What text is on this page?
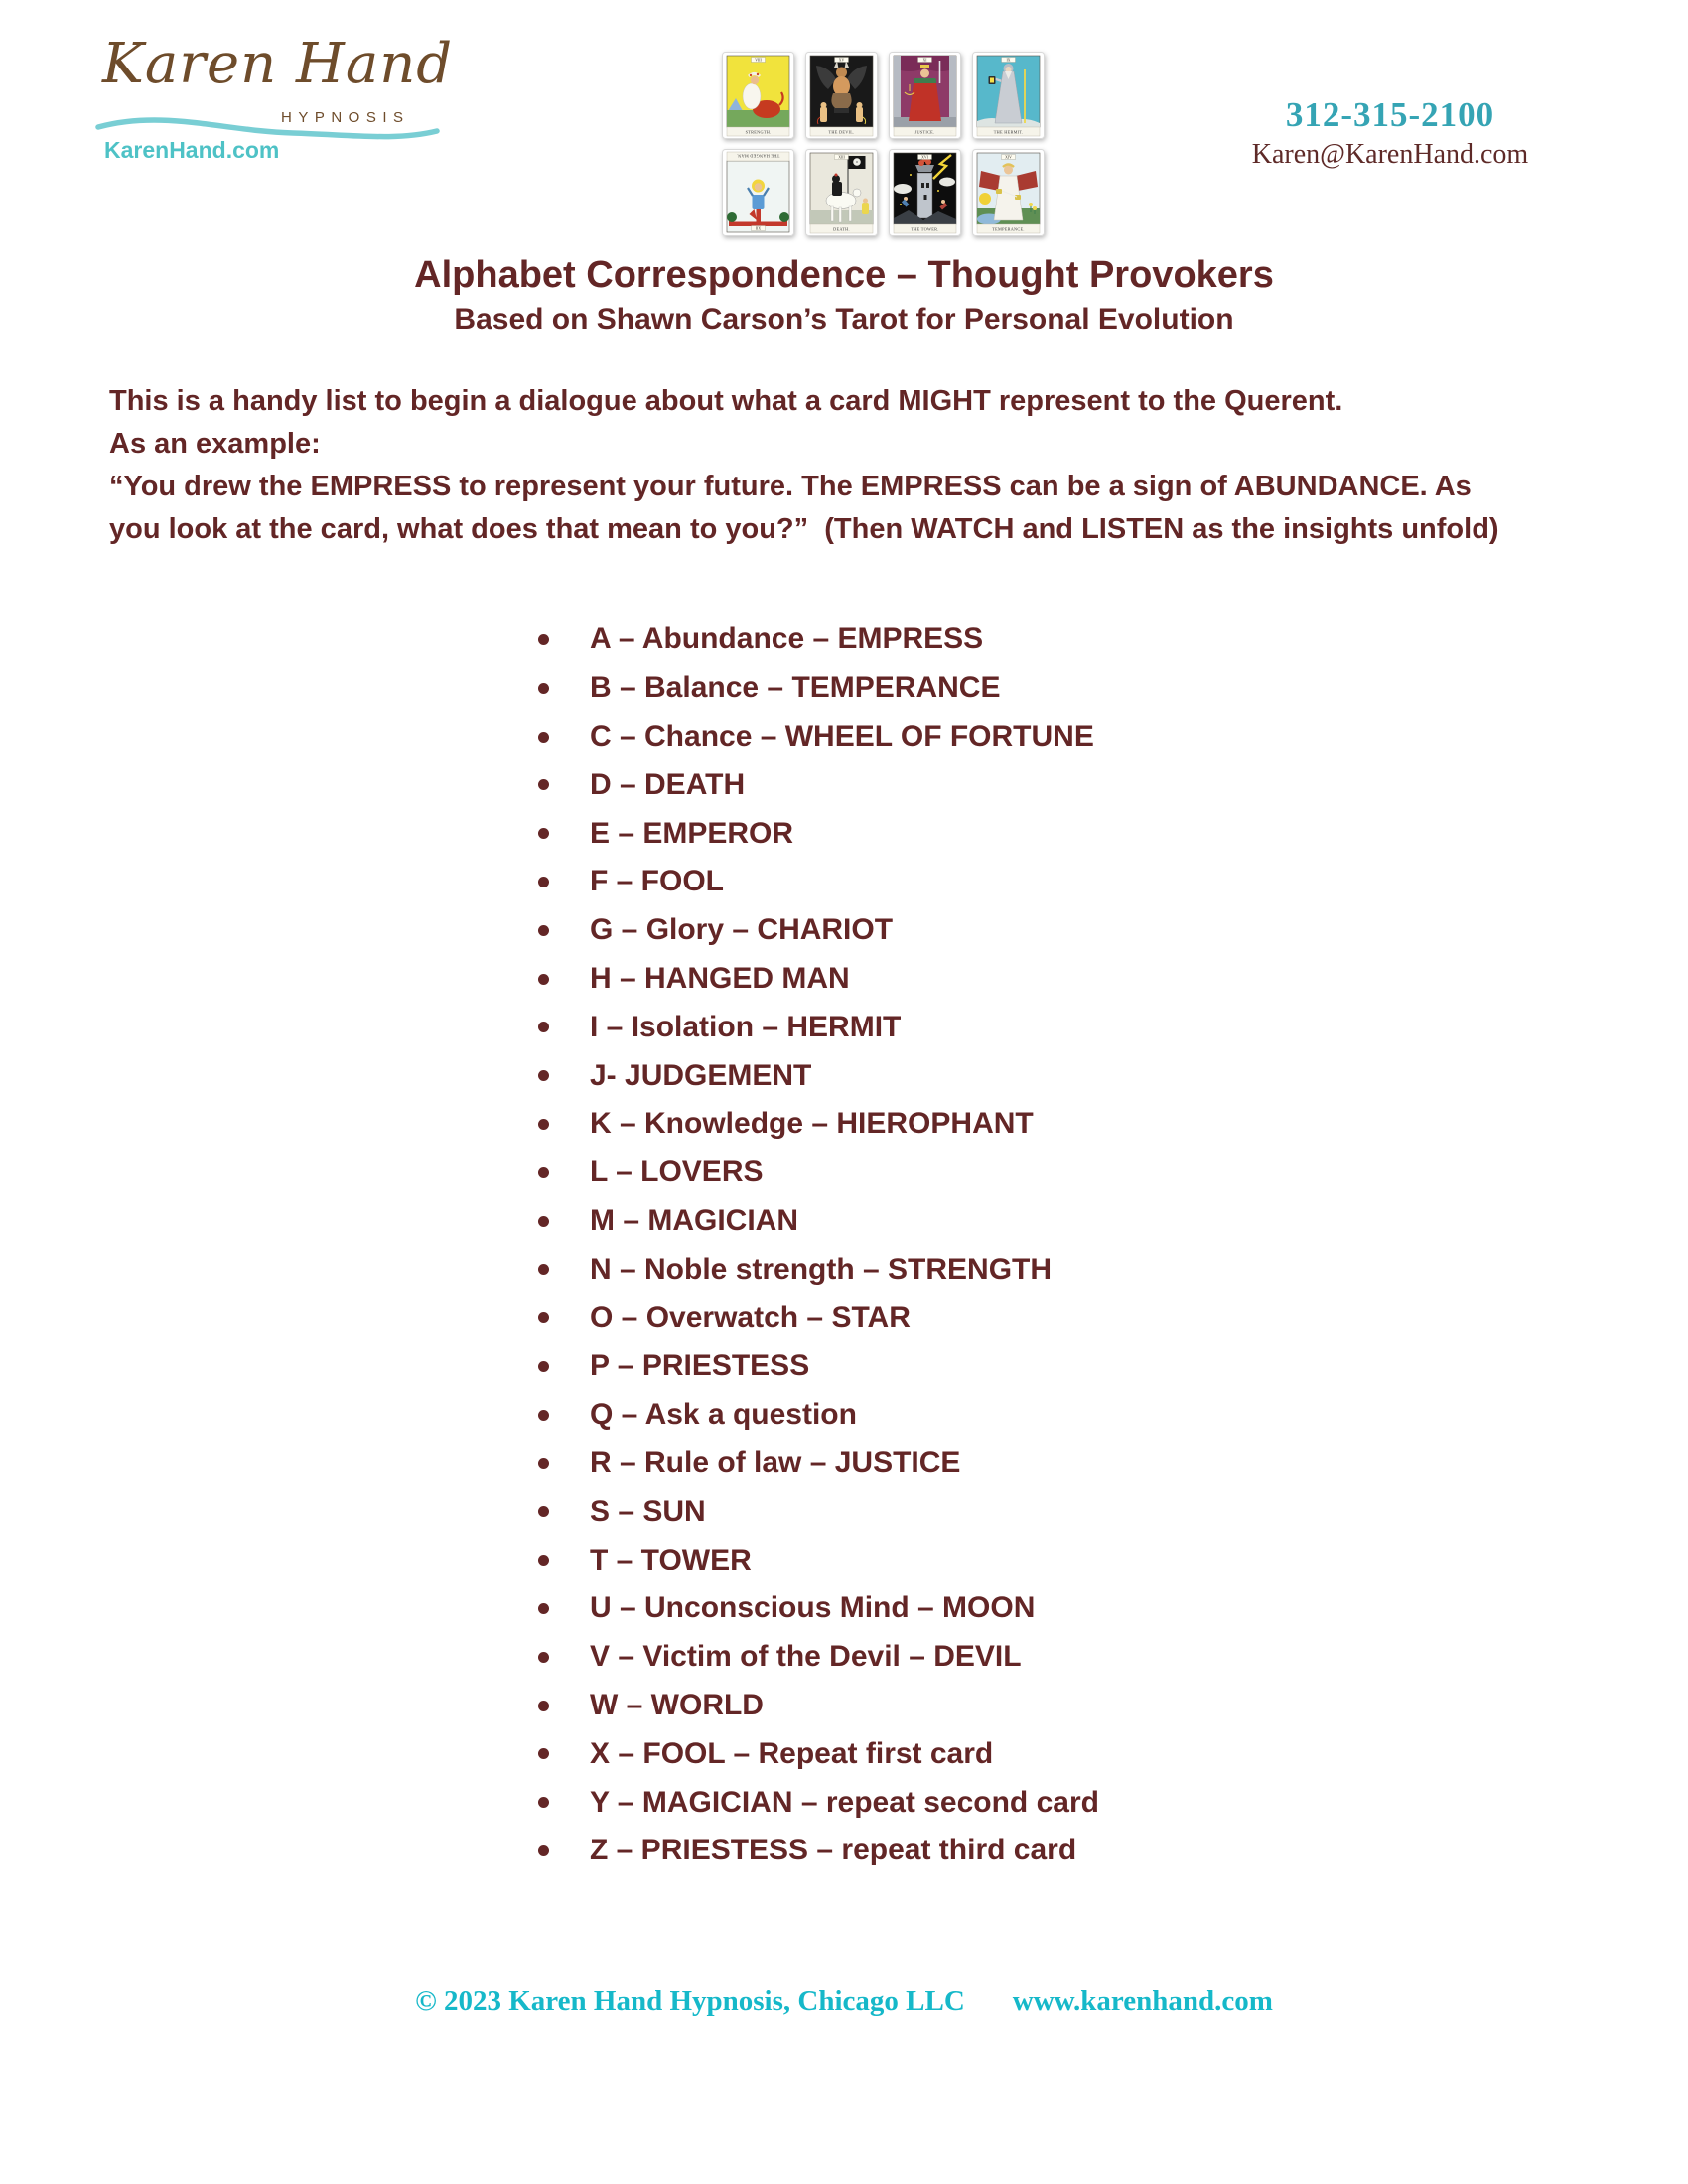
Karen Hand
HYPNOSIS
KarenHand.com
VIII
STRENGTH.
XV
THE DEVIL.
XI
JUSTICE.
IX
THE HERMIT.
XII
THE HANGED MAN.	XIII
DEATH.
XVI
THE TOWER.
XIV
TEMPERANCE.
312-315-2100
Karen@KarenHand.com
Alphabet Correspondence – Thought Provokers
Based on Shawn Carson’s Tarot for Personal Evolution
This is a handy list to begin a dialogue about what a card MIGHT represent to the Querent.
As an example:
“You drew the EMPRESS to represent your future. The EMPRESS can be a sign of ABUNDANCE. As
you look at the card, what does that mean to you?”  (Then WATCH and LISTEN as the insights unfold)
A – Abundance – EMPRESS
B – Balance – TEMPERANCE
C – Chance – WHEEL OF FORTUNE
D – DEATH
E – EMPEROR
F – FOOL
G – Glory – CHARIOT
H – HANGED MAN
I – Isolation – HERMIT
J- JUDGEMENT
K – Knowledge – HIEROPHANT
L – LOVERS
M – MAGICIAN
N – Noble strength – STRENGTH
O – Overwatch – STAR
P – PRIESTESS
Q – Ask a question
R – Rule of law – JUSTICE
S – SUN
T – TOWER
U – Unconscious Mind – MOON
V – Victim of the Devil – DEVIL
W – WORLD
X – FOOL – Repeat first card
Y – MAGICIAN – repeat second card
Z – PRIESTESS – repeat third card
© 2023 Karen Hand Hypnosis, Chicago LLC www.karenhand.com
